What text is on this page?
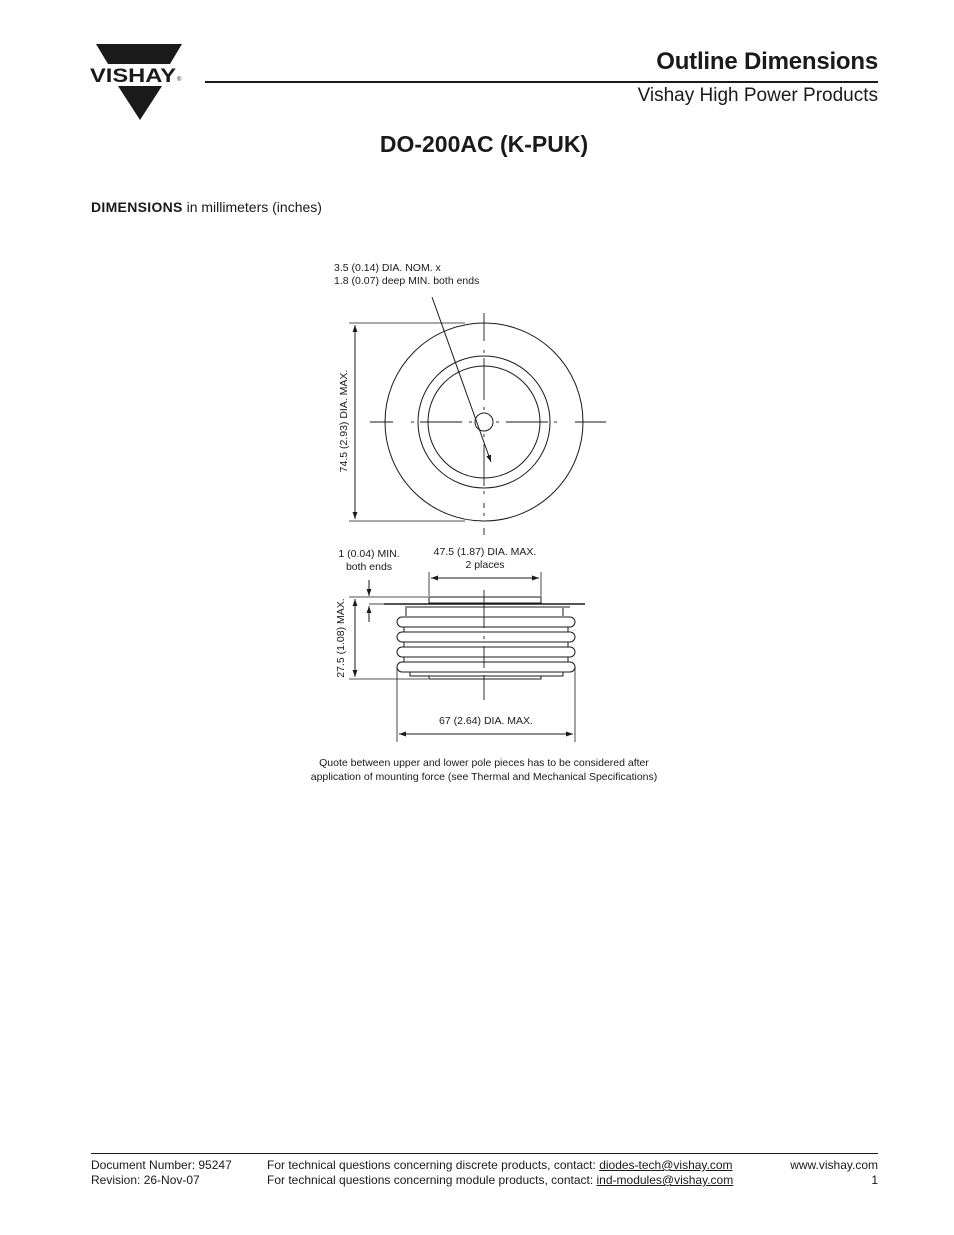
VISHAY ®
Outline Dimensions
Vishay High Power Products
DO-200AC (K-PUK)
DIMENSIONS in millimeters (inches)
3.5 (0.14) DIA. NOM. x
1.8 (0.07) deep MIN. both ends
74.5 (2.93) DIA. MAX.
1 (0.04) MIN.
both ends
47.5 (1.87) DIA. MAX.
2 places
27.5 (1.08) MAX.
67 (2.64) DIA. MAX.
Quote between upper and lower pole pieces has to be considered after
application of mounting force (see Thermal and Mechanical Specifications)
Document Number: 95247
Revision: 26-Nov-07
For technical questions concerning discrete products, contact: diodes-tech@vishay.com
For technical questions concerning module products, contact: ind-modules@vishay.com
www.vishay.com
1
